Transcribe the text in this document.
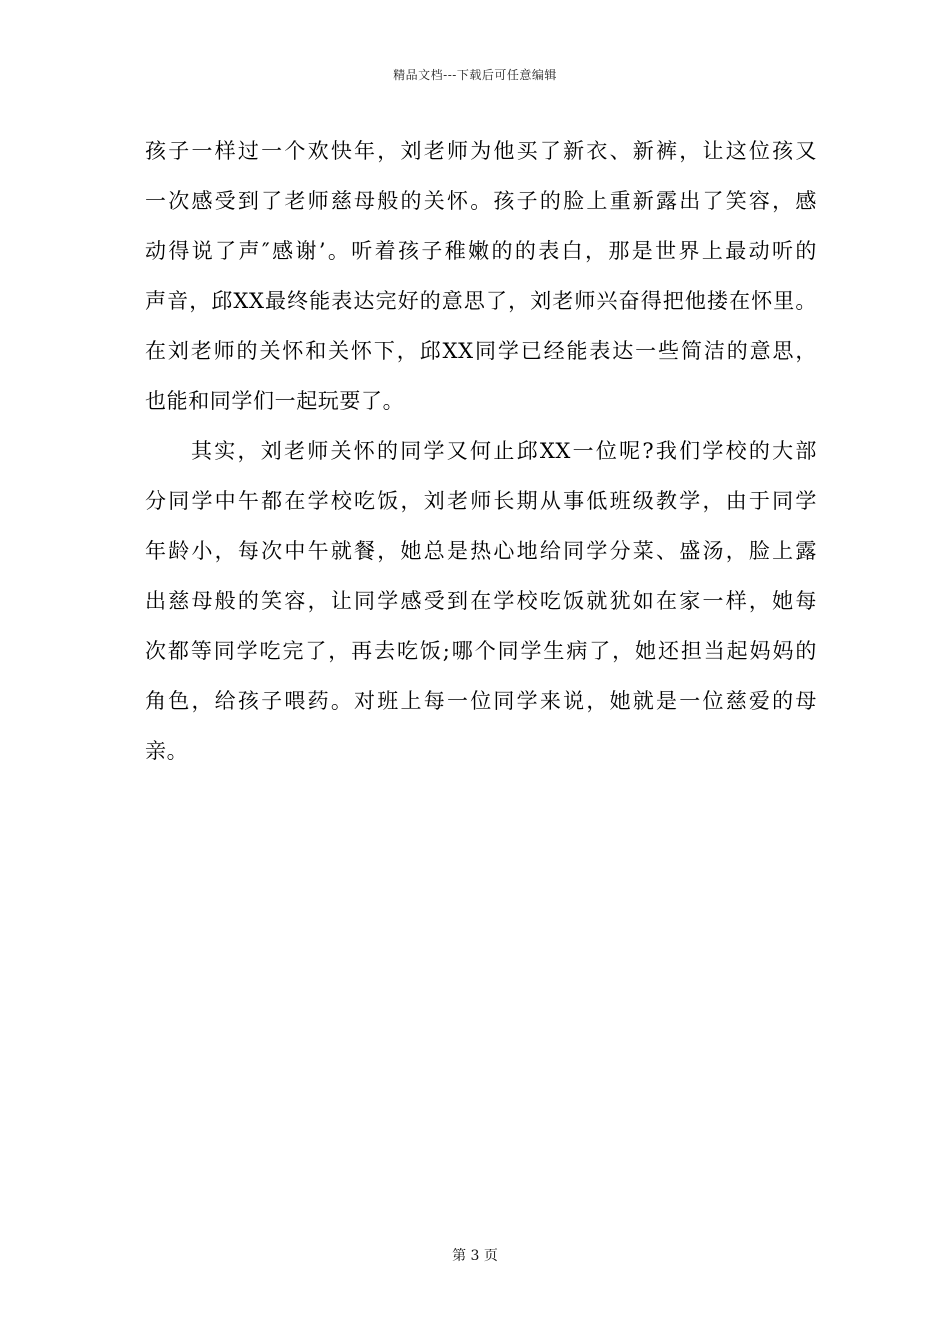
精品文档---下载后可任意编辑
孩子一样过一个欢快年，刘老师为他买了新衣、新裤，让这位孩又
一次感受到了老师慈母般的关怀。孩子的脸上重新露出了笑容，感
动得说了声″感谢’。听着孩子稚嫩的的表白，那是世界上最动听的
声音，邱XX最终能表达完好的意思了，刘老师兴奋得把他搂在怀里。
在刘老师的关怀和关怀下，邱XX同学已经能表达一些简洁的意思，
也能和同学们一起玩要了。
其实，刘老师关怀的同学又何止邱XX一位呢?我们学校的大部
分同学中午都在学校吃饭，刘老师长期从事低班级教学，由于同学
年龄小，每次中午就餐，她总是热心地给同学分菜、盛汤，脸上露
出慈母般的笑容，让同学感受到在学校吃饭就犹如在家一样，她每
次都等同学吃完了，再去吃饭;哪个同学生病了，她还担当起妈妈的
角色，给孩子喂药。对班上每一位同学来说，她就是一位慈爱的母
亲。
第 3 页
